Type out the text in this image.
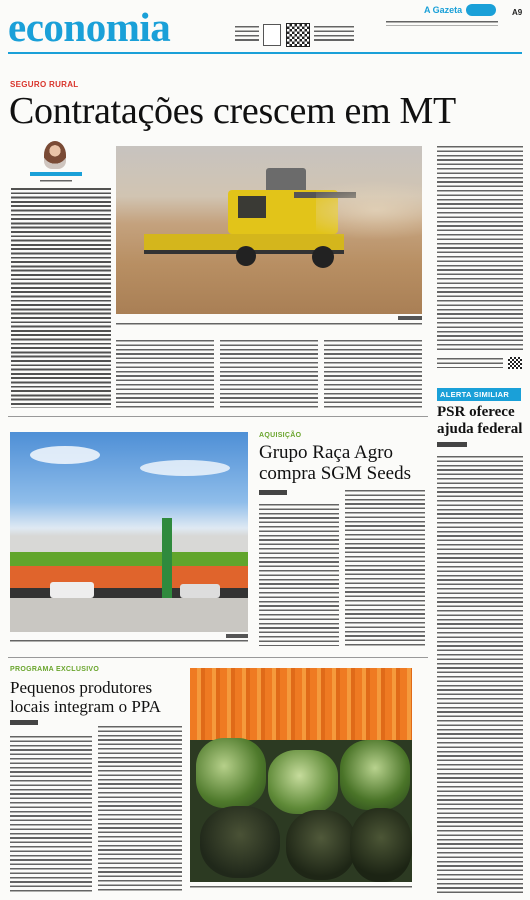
economia	A Gazeta	A9
SEGURO RURAL
Contratações crescem em MT
ALERTA SIMILIAR
PSR oferece ajuda federal
AQUISIÇÃO
Grupo Raça Agro compra SGM Seeds
PROGRAMA EXCLUSIVO
Pequenos produtores locais integram o PPA
